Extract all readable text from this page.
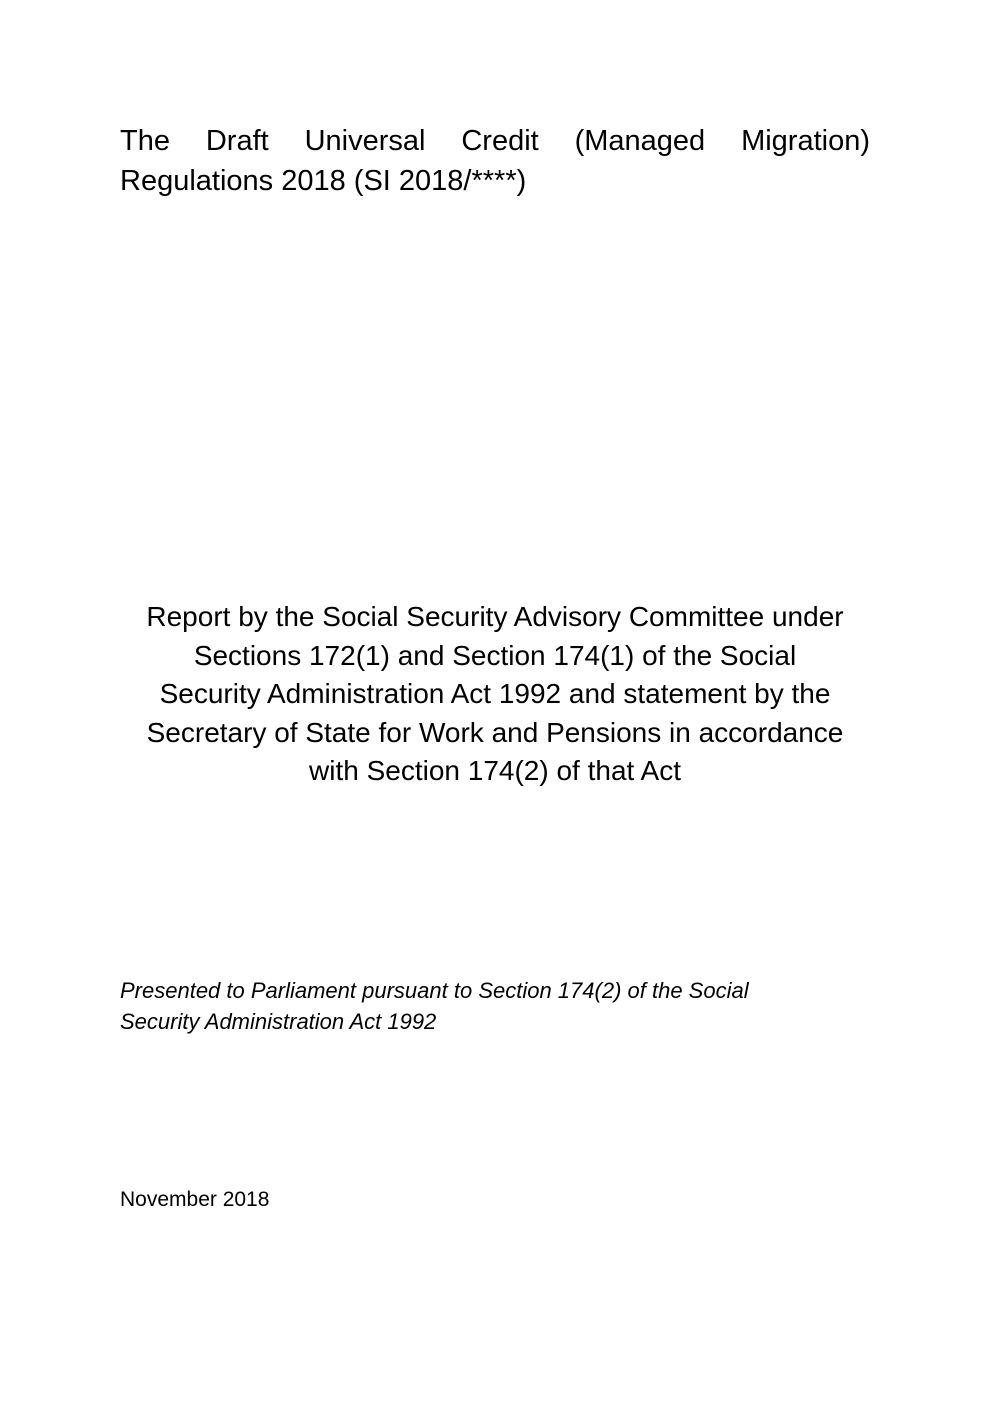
The Draft Universal Credit (Managed Migration)
Regulations 2018 (SI 2018/****)
Report by the Social Security Advisory Committee under
Sections 172(1) and Section 174(1) of the Social
Security Administration Act 1992 and statement by the
Secretary of State for Work and Pensions in accordance
with Section 174(2) of that Act
Presented to Parliament pursuant to Section 174(2) of the Social
Security Administration Act 1992
November 2018
